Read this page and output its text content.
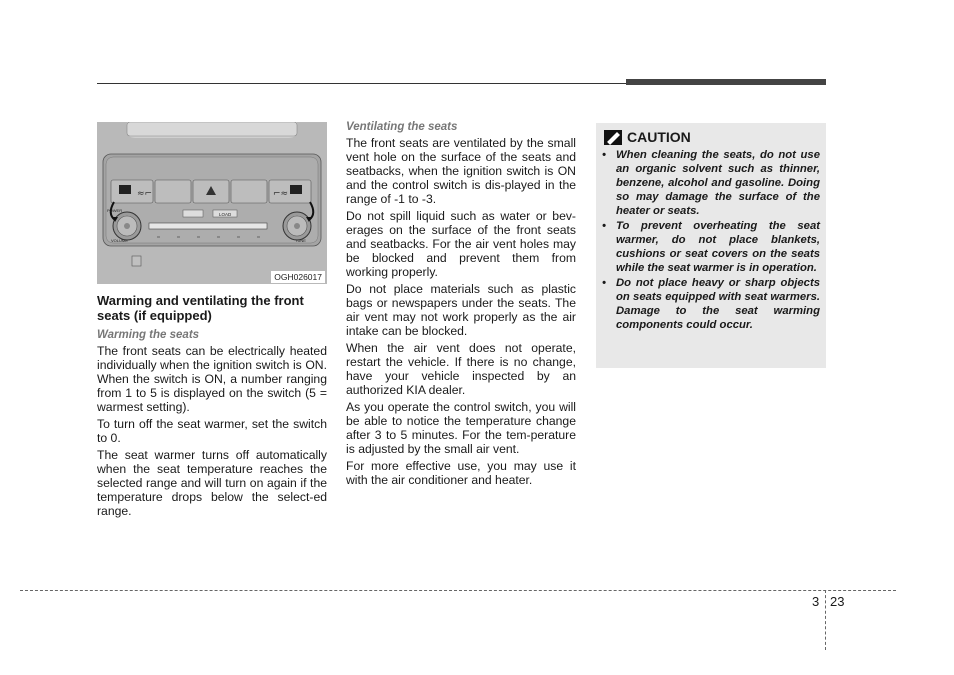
≈⌐	⌐≈
LOAD
POWER
VOLUME	TUNE
OGH026017
Warming and ventilating the front seats (if equipped)
Warming the seats

The front seats can be electrically heated individually when the ignition switch is ON. When the switch is ON, a number ranging from 1 to 5 is displayed on the switch (5 = warmest setting).

To turn off the seat warmer, set the switch to 0.

The seat warmer turns off automatically when the seat temperature reaches the selected range and will turn on again if the temperature drops below the select-ed range.

Ventilating the seats

The front seats are ventilated by the small vent hole on the surface of the seats and seatbacks, when the ignition switch is ON and the control switch is dis-played in the range of -1 to -3.

Do not spill liquid such as water or bev-erages on the surface of the front seats and seatbacks. For the air vent holes may be blocked and prevent them from working properly.

Do not place materials such as plastic bags or newspapers under the seats. The air vent may not work properly as the air intake can be blocked.

When the air vent does not operate, restart the vehicle. If there is no change, have your vehicle inspected by an authorized KIA dealer.

As you operate the control switch, you will be able to notice the temperature change after 3 to 5 minutes. For the tem-perature is adjusted by the small air vent.

For more effective use, you may use it with the air conditioner and heater.

CAUTION
• When cleaning the seats, do not use an organic solvent such as thinner, benzene, alcohol and gasoline. Doing so may damage the surface of the heater or seats.
• To prevent overheating the seat warmer, do not place blankets, cushions or seat covers on the seats while the seat warmer is in operation.
• Do not place heavy or sharp objects on seats equipped with seat warmers. Damage to the seat warming components could occur.
3 23
